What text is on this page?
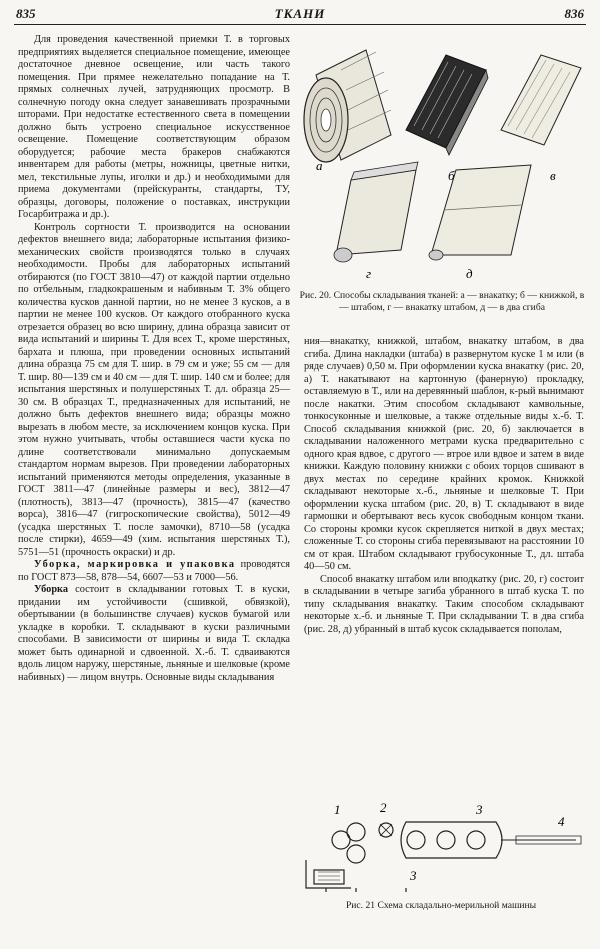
835	ТКАНИ	836

Для проведения качественной приемки Т. в торговых предприятиях выделяется специальное помещение, имеющее достаточное дневное освещение, или часть такого помещения. При прямее нежелательно попадание на Т. прямых солнечных лучей, затрудняющих просмотр. В солнечную погоду окна следует занавешивать прозрачными шторами. При недостатке естественного света в помещении должно быть устроено специальное искусственное освещение. Помещение соответствующим образом оборудуется; рабочие места бракеров снабжаются инвентарем для работы (метры, ножницы, цветные нитки, мел, текстильные лупы, иголки и др.) и необходимыми для приема документами (прейскуранты, стандарты, ТУ, образцы, договоры, положение о поставках, инструкции Госарбитража и др.).

Контроль сортности Т. производится на основании дефектов внешнего вида; лабораторные испытания физико-механических свойств производятся только в случаях необходимости. Пробы для лабораторных испытаний отбираются (по ГОСТ 3810—47) от каждой партии отдельно по отбельным, гладкокрашеным и набивным Т. 3% общего количества кусков данной партии, но не менее 3 кусков, а в партии не менее 100 кусков. От каждого отобранного куска отрезается образец во всю ширину, длина образца зависит от вида испытаний и ширины Т. Для всех Т., кроме шерстяных, бархата и плюша, при проведении основных испытаний длина образца 75 см для Т. шир. в 79 см и уже; 55 см — для Т. шир. 80—139 см и 40 см — для Т. шир. 140 см и более; для испытания шерстяных и полушерстяных Т. дл. образца 25—30 см. В образцах Т., предназначенных для испытаний, не должно быть дефектов внешнего вида; образцы можно вырезать в любом месте, за исключением концов куска. При этом нужно учитывать, чтобы оставшиеся части куска по длине соответствовали минимально допускаемым стандартом нормам вырезов. При проведении лабораторных испытаний применяются методы определения, указанные в ГОСТ 3811—47 (линейные размеры и вес), 3812—47 (плотность), 3813—47 (прочность), 3815—47 (качество ворса), 3816—47 (гигроскопические свойства), 5012—49 (усадка шерстяных Т. после замочки), 8710—58 (усадка после стирки), 4659—49 (хим. испытания шерстяных Т.), 5751—51 (прочность окраски) и др.

Уборка, маркировка и упаковка проводятся по ГОСТ 873—58, 878—54, 6607—53 и 7000—56.

Уборка состоит в складывании готовых Т. в куски, придании им устойчивости (сшивкой, обвязкой), обертывании (в большинстве случаев) кусков бумагой или укладке в коробки. Т. складывают в куски различными способами. В зависимости от ширины и вида Т. складка может быть одинарной и сдвоенной. Х.-б. Т. сдваиваются вдоль лицом наружу, шерстяные, льняные и шелковые (кроме набивных) — лицом внутрь. Основные виды складывания

а
б	в
г	д
Рис. 20. Способы складывания тканей: а — внакатку; б — книжкой, в — штабом, г — внакатку штабом, д — в два сгиба

ния—внакатку, книжкой, штабом, внакатку штабом, в два сгиба. Длина накладки (штаба) в развернутом куске 1 м или (в ряде случаев) 0,50 м. При оформлении куска внакатку (рис. 20, а) Т. накатывают на картонную (фанерную) прокладку, оставляемую в Т., или на деревянный шаблон, к-рый вынимают после накатки. Этим способом складывают камвольные, тонкосуконные и шелковые, а также отдельные виды х.-б. Т. Способ складывания книжкой (рис. 20, б) заключается в складывании наложенного метрами куска предварительно с одного края вдвое, с другого — втрое или вдвое и затем в виде книжки. Каждую половину книжки с обоих торцов сшивают в двух местах по середине крайних кромок. Книжкой складывают некоторые х.-б., льняные и шелковые Т. При оформлении куска штабом (рис. 20, в) Т. складывают в виде гармошки и обертывают весь кусок свободным концом ткани. Со стороны кромки кусок скрепляется ниткой в двух местах; сложенные Т. со стороны сгиба перевязывают на расстоянии 10 см от края. Штабом складывают грубосуконные Т., дл. штаба 40—50 см.

Способ внакатку штабом или вподкатку (рис. 20, г) состоит в складывании в четыре загиба убранного в штаб куска Т. по типу складывания внакатку. Таким способом складывают некоторые х.-б. и льняные Т. При складывании Т. в два сгиба (рис. 28, д) убранный в штаб кусок складывается пополам,

1	2	3
4
3
Рис. 21 Схема складально-мерильной машины
